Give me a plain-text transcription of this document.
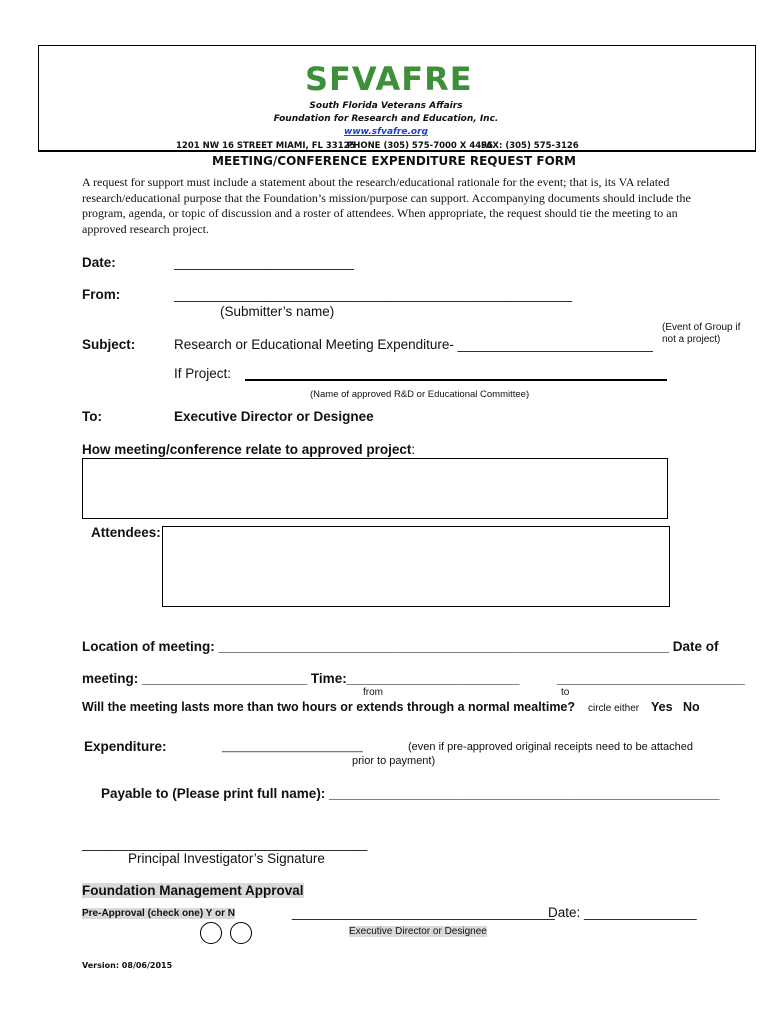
SFVAFRE
South Florida Veterans Affairs
Foundation for Research and Education, Inc.
www.sfvafre.org
1201 NW 16 STREET MIAMI, FL 33125
PHONE (305) 575-7000 X 4495
FAX: (305) 575-3126
MEETING/CONFERENCE EXPENDITURE REQUEST FORM
A request for support must include a statement about the research/educational rationale for the event; that is, its VA related research/educational purpose that the Foundation’s mission/purpose can support. Accompanying documents should include the program, agenda, or topic of discussion and a roster of attendees. When appropriate, the request should tie the meeting to an approved research project.
Date:	________________________
From:	_____________________________________________________
(Submitter’s name)
(Event of Group if
not a project)
Subject:	Research or Educational Meeting Expenditure- __________________________
If Project:
(Name of approved R&D or Educational Committee)
To:	Executive Director or Designee
How meeting/conference relate to approved project:
Attendees:
Location of meeting: ____________________________________________________________ Date of
meeting: ______________________ Time:_______________________	_________________________
from	to
Will the meeting lasts more than two hours or extends through a normal mealtime? circle either Yes No
Expenditure:	_______________________	(even if pre-approved original receipts need to be attached
prior to payment)
Payable to (Please print full name): ____________________________________________________
______________________________________
Principal Investigator’s Signature
Foundation Management Approval
Pre-Approval (check one) Y or N	___________________________________
Date: _______________
Executive Director or Designee
Version: 08/06/2015
